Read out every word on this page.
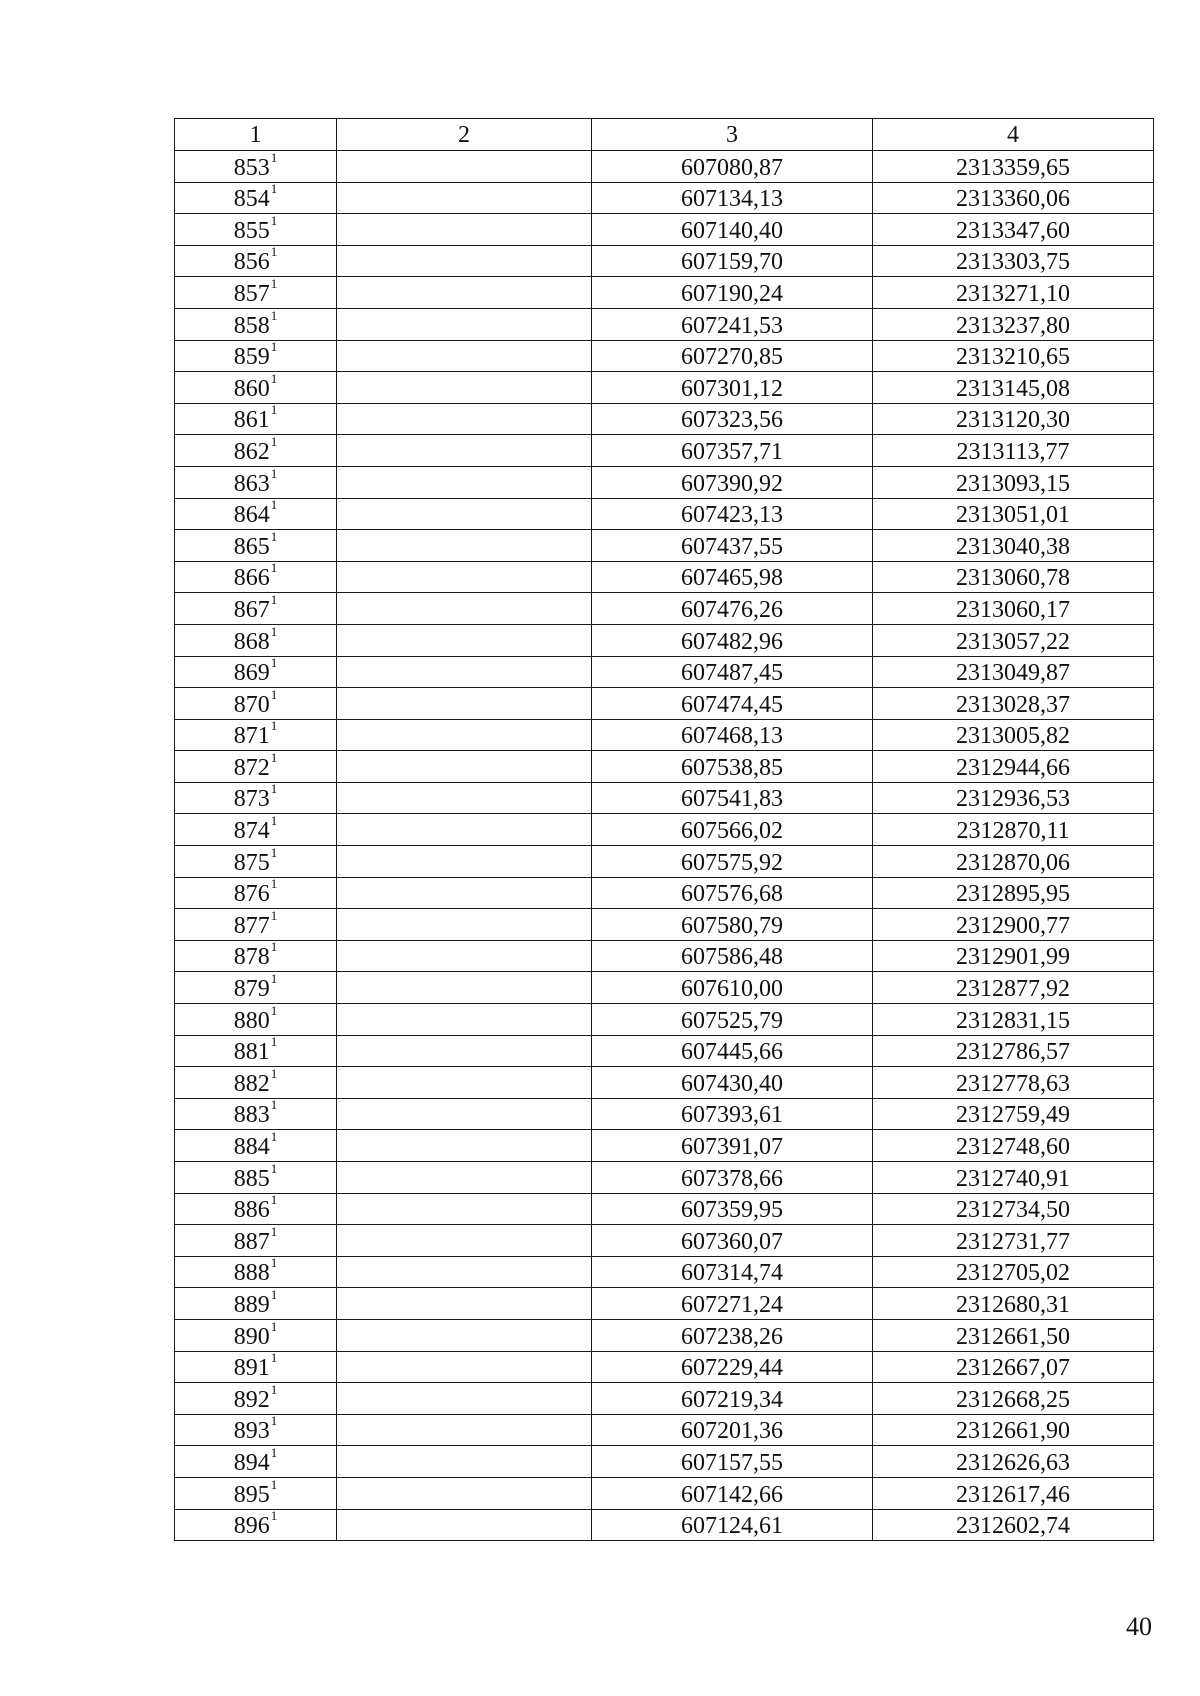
1	2	3	4
$853^1$		607080,87	2313359,65
$854^1$		607134,13	2313360,06
$855^1$		607140,40	2313347,60
$856^1$		607159,70	2313303,75
$857^1$		607190,24	2313271,10
$858^1$		607241,53	2313237,80
$859^1$		607270,85	2313210,65
$860^1$		607301,12	2313145,08
$861^1$		607323,56	2313120,30
$862^1$		607357,71	2313113,77
$863^1$		607390,92	2313093,15
$864^1$		607423,13	2313051,01
$865^1$		607437,55	2313040,38
$866^1$		607465,98	2313060,78
$867^1$		607476,26	2313060,17
$868^1$		607482,96	2313057,22
$869^1$		607487,45	2313049,87
$870^1$		607474,45	2313028,37
$871^1$		607468,13	2313005,82
$872^1$		607538,85	2312944,66
$873^1$		607541,83	2312936,53
$874^1$		607566,02	2312870,11
$875^1$		607575,92	2312870,06
$876^1$		607576,68	2312895,95
$877^1$		607580,79	2312900,77
$878^1$		607586,48	2312901,99
$879^1$		607610,00	2312877,92
$880^1$		607525,79	2312831,15
$881^1$		607445,66	2312786,57
$882^1$		607430,40	2312778,63
$883^1$		607393,61	2312759,49
$884^1$		607391,07	2312748,60
$885^1$		607378,66	2312740,91
$886^1$		607359,95	2312734,50
$887^1$		607360,07	2312731,77
$888^1$		607314,74	2312705,02
$889^1$		607271,24	2312680,31
$890^1$		607238,26	2312661,50
$891^1$		607229,44	2312667,07
$892^1$		607219,34	2312668,25
$893^1$		607201,36	2312661,90
$894^1$		607157,55	2312626,63
$895^1$		607142,66	2312617,46
$896^1$		607124,61	2312602,74
40
